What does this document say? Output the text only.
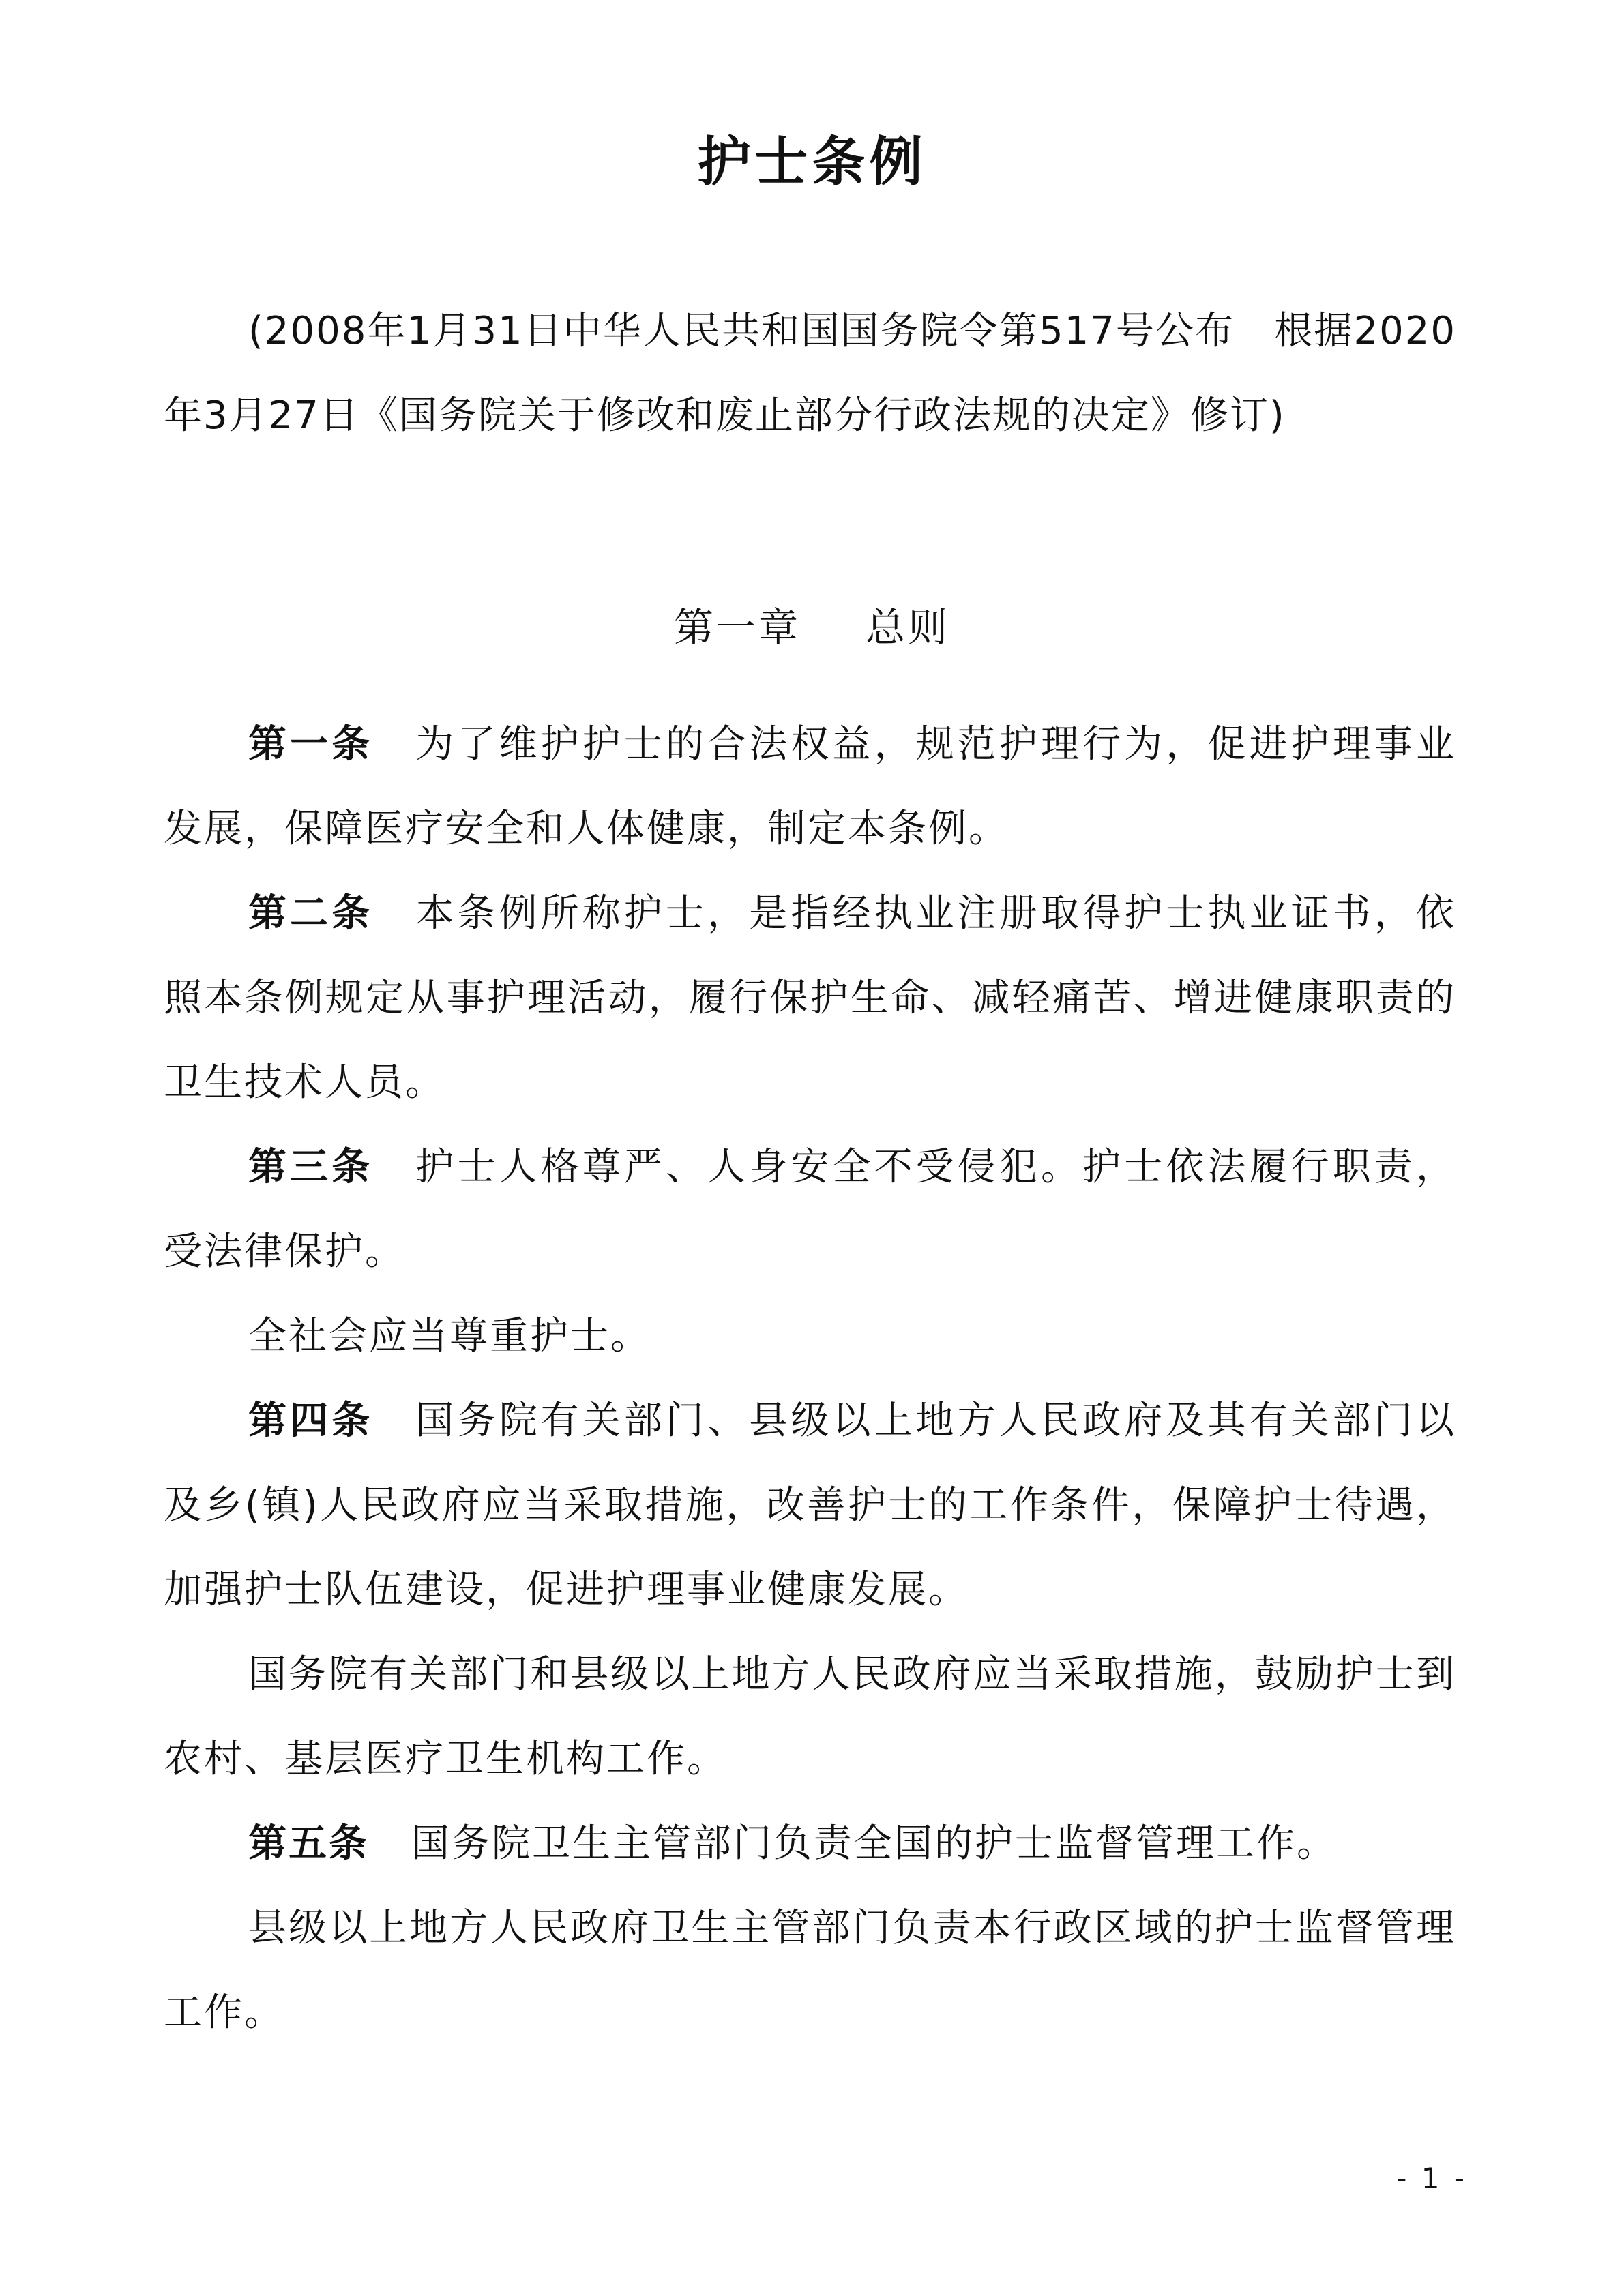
护士条例
(2008年1月31日中华人民共和国国务院令第517号公布　根据2020年3月27日《国务院关于修改和废止部分行政法规的决定》修订)
第一章   总则

第一条 为了维护护士的合法权益，规范护理行为，促进护理事业发展，保障医疗安全和人体健康，制定本条例。

第二条 本条例所称护士，是指经执业注册取得护士执业证书，依照本条例规定从事护理活动，履行保护生命、减轻痛苦、增进健康职责的卫生技术人员。

第三条 护士人格尊严、人身安全不受侵犯。护士依法履行职责，受法律保护。

全社会应当尊重护士。

第四条 国务院有关部门、县级以上地方人民政府及其有关部门以及乡(镇)人民政府应当采取措施，改善护士的工作条件，保障护士待遇，加强护士队伍建设，促进护理事业健康发展。

国务院有关部门和县级以上地方人民政府应当采取措施，鼓励护士到农村、基层医疗卫生机构工作。

第五条 国务院卫生主管部门负责全国的护士监督管理工作。

县级以上地方人民政府卫生主管部门负责本行政区域的护士监督管理工作。

- 1 -
